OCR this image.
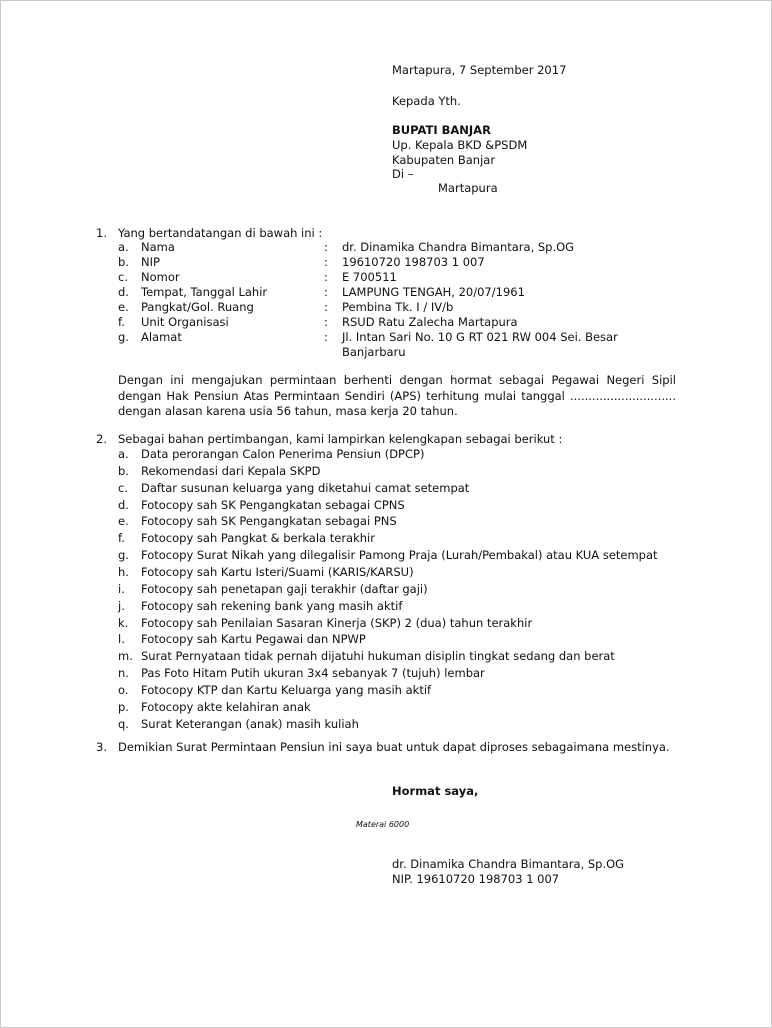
Martapura, 7 September 2017
Kepada Yth.
BUPATI BANJAR
Up. Kepala BKD &PSDM
Kabupaten Banjar
Di –
Martapura
1. Yang bertandatangan di bawah ini :
a. Nama	: dr. Dinamika Chandra Bimantara, Sp.OG
b. NIP	: 19610720 198703 1 007
c. Nomor	: E 700511
d. Tempat, Tanggal Lahir	: LAMPUNG TENGAH, 20/07/1961
e. Pangkat/Gol. Ruang	: Pembina Tk. I / IV/b
f. Unit Organisasi	: RSUD Ratu Zalecha Martapura
g. Alamat	: Jl. Intan Sari No. 10 G RT 021 RW 004 Sei. Besar
Banjarbaru
Dengan ini mengajukan permintaan berhenti dengan hormat sebagai Pegawai Negeri Sipil dengan Hak Pensiun Atas Permintaan Sendiri (APS) terhitung mulai tanggal ............................. dengan alasan karena usia 56 tahun, masa kerja 20 tahun.
2. Sebagai bahan pertimbangan, kami lampirkan kelengkapan sebagai berikut :
a. Data perorangan Calon Penerima Pensiun (DPCP)
b. Rekomendasi dari Kepala SKPD
c. Daftar susunan keluarga yang diketahui camat setempat
d. Fotocopy sah SK Pengangkatan sebagai CPNS
e. Fotocopy sah SK Pengangkatan sebagai PNS
f. Fotocopy sah Pangkat & berkala terakhir
g. Fotocopy Surat Nikah yang dilegalisir Pamong Praja (Lurah/Pembakal) atau KUA setempat
h. Fotocopy sah Kartu Isteri/Suami (KARIS/KARSU)
i. Fotocopy sah penetapan gaji terakhir (daftar gaji)
j. Fotocopy sah rekening bank yang masih aktif
k. Fotocopy sah Penilaian Sasaran Kinerja (SKP) 2 (dua) tahun terakhir
l. Fotocopy sah Kartu Pegawai dan NPWP
m. Surat Pernyataan tidak pernah dijatuhi hukuman disiplin tingkat sedang dan berat
n. Pas Foto Hitam Putih ukuran 3x4 sebanyak 7 (tujuh) lembar
o. Fotocopy KTP dan Kartu Keluarga yang masih aktif
p. Fotocopy akte kelahiran anak
q. Surat Keterangan (anak) masih kuliah
3. Demikian Surat Permintaan Pensiun ini saya buat untuk dapat diproses sebagaimana mestinya.
Hormat saya,
Materai 6000
dr. Dinamika Chandra Bimantara, Sp.OG
NIP. 19610720 198703 1 007
